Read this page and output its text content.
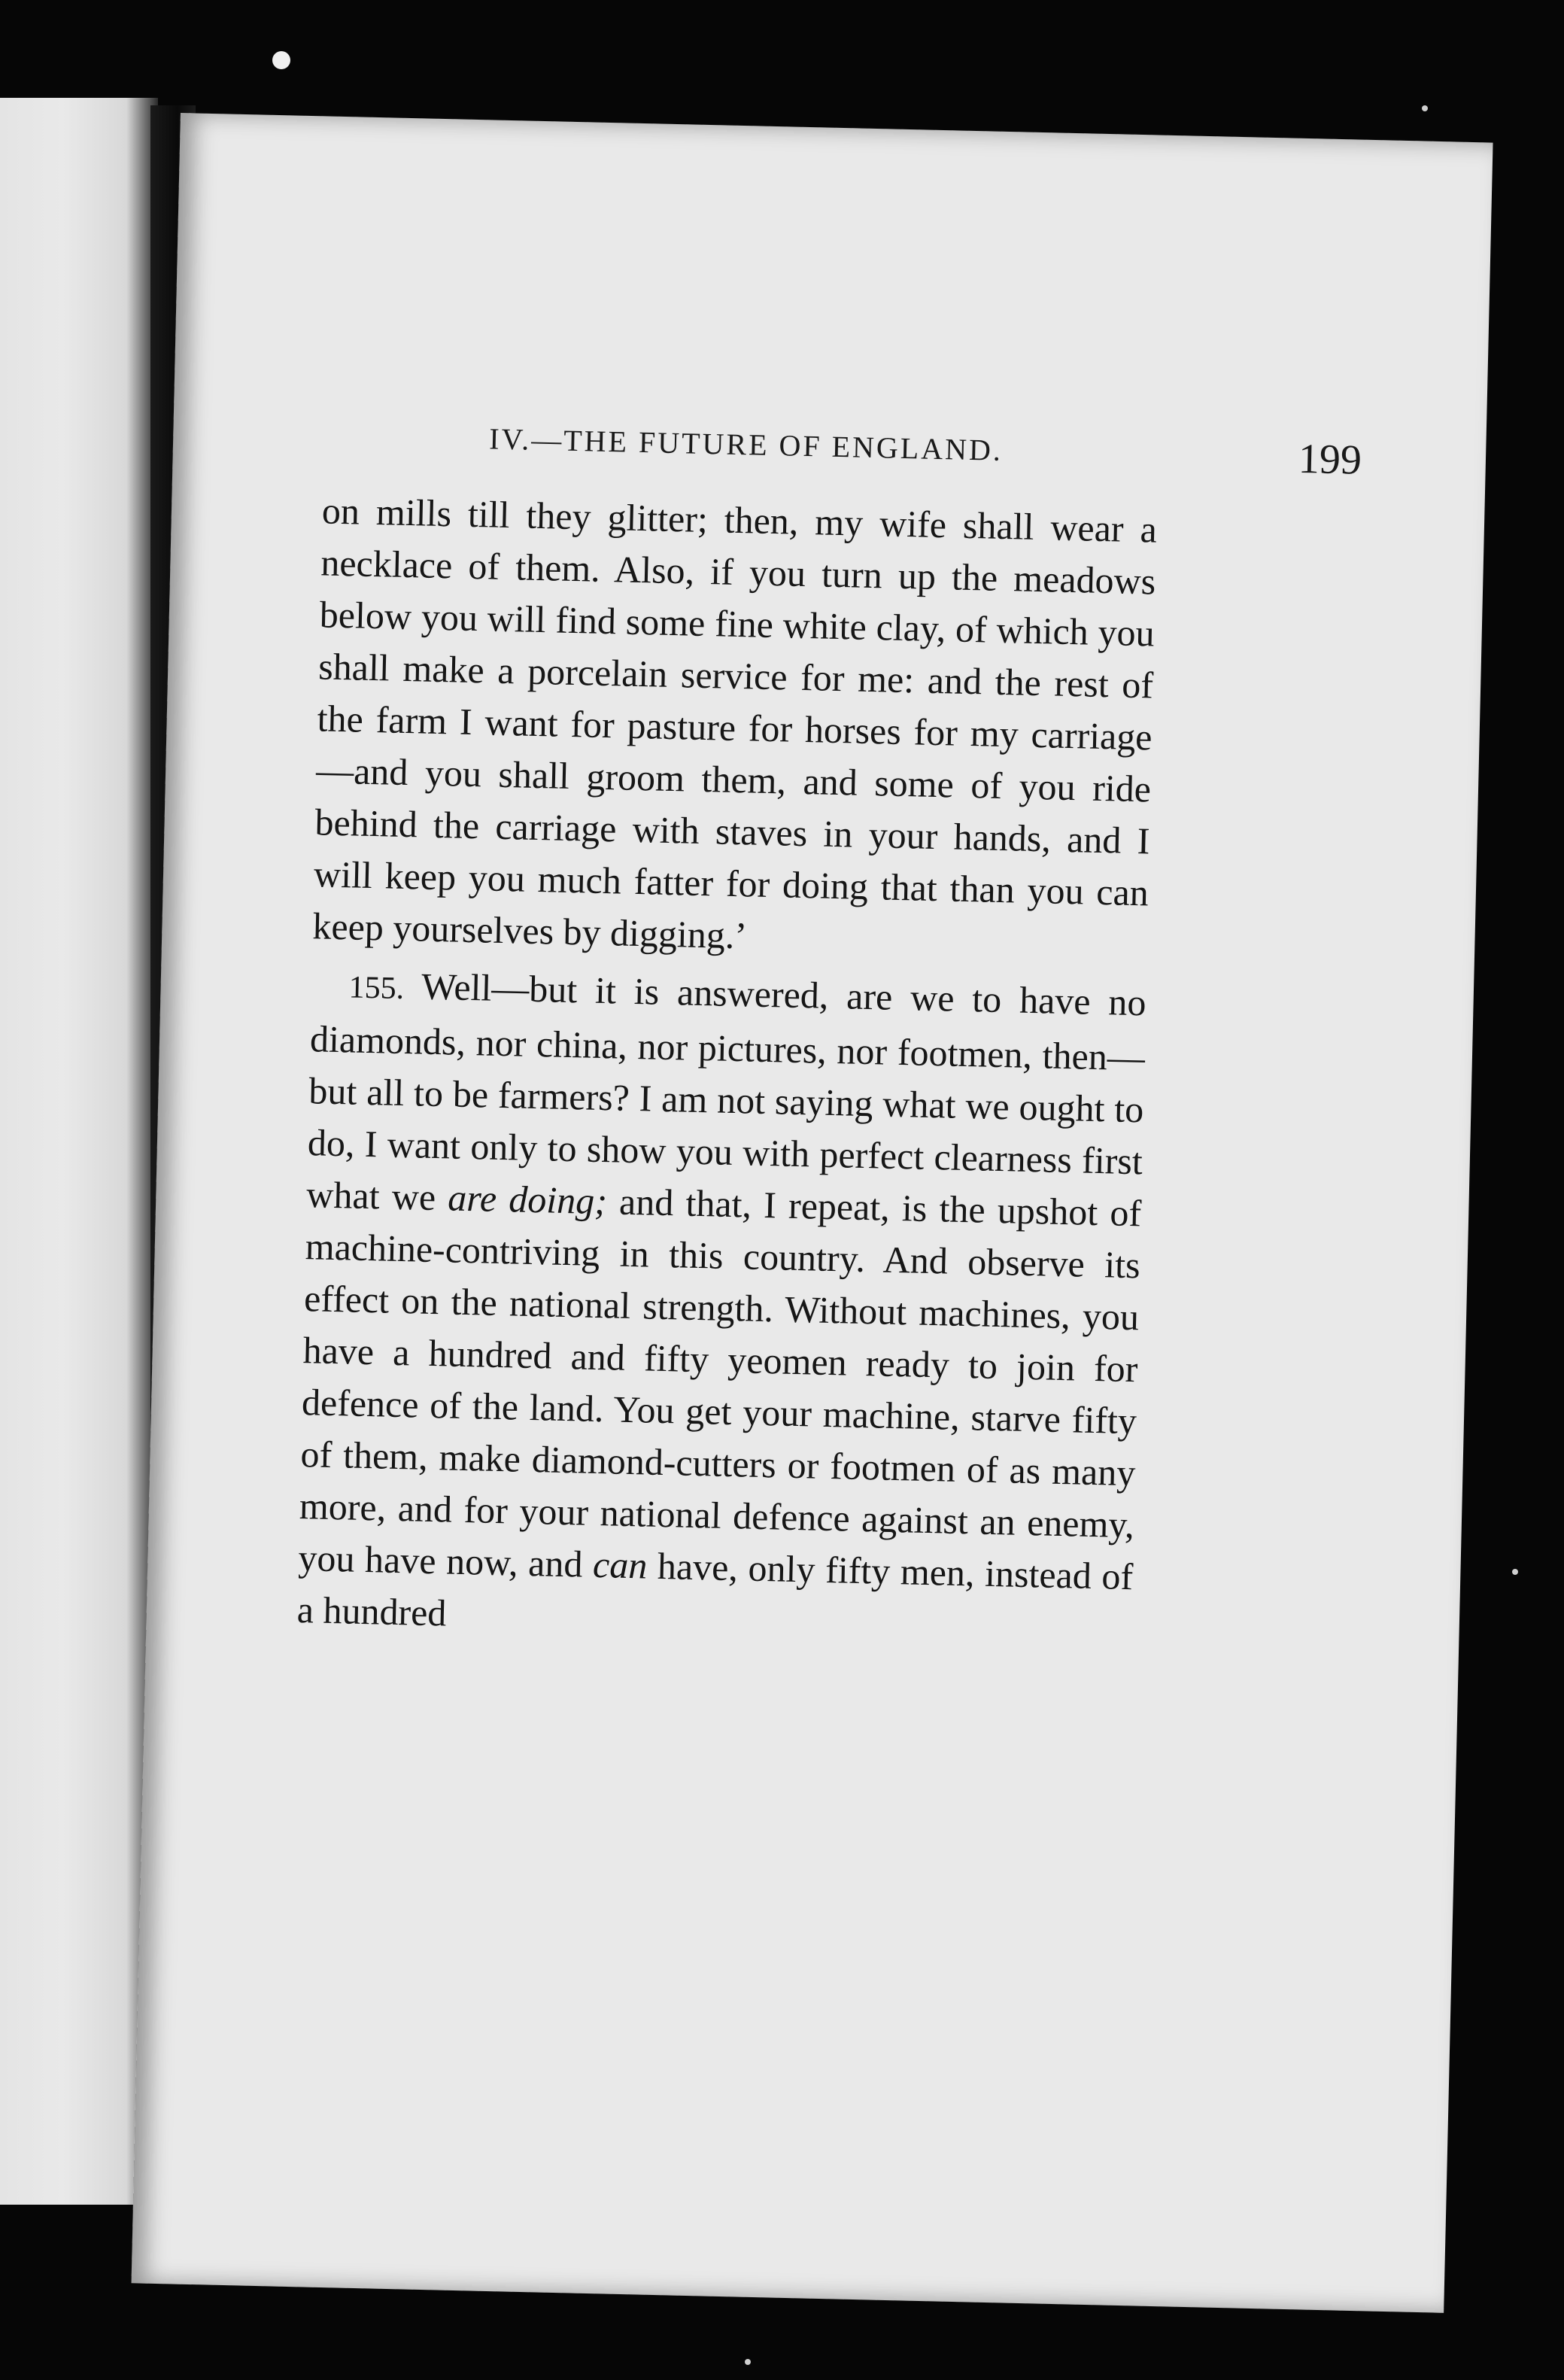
IV.—THE FUTURE OF ENGLAND.	199

on mills till they glitter; then, my wife shall wear a necklace of them. Also, if you turn up the meadows below you will find some fine white clay, of which you shall make a porcelain service for me: and the rest of the farm I want for pasture for horses for my carriage—and you shall groom them, and some of you ride behind the carriage with staves in your hands, and I will keep you much fatter for doing that than you can keep yourselves by digging.’

155. Well—but it is answered, are we to have no diamonds, nor china, nor pictures, nor footmen, then—but all to be farmers? I am not saying what we ought to do, I want only to show you with perfect clearness first what we are doing; and that, I repeat, is the upshot of machine-contriving in this country. And observe its effect on the national strength. Without machines, you have a hundred and fifty yeomen ready to join for defence of the land. You get your machine, starve fifty of them, make diamond-cutters or footmen of as many more, and for your national defence against an enemy, you have now, and can have, only fifty men, instead of a hundred
